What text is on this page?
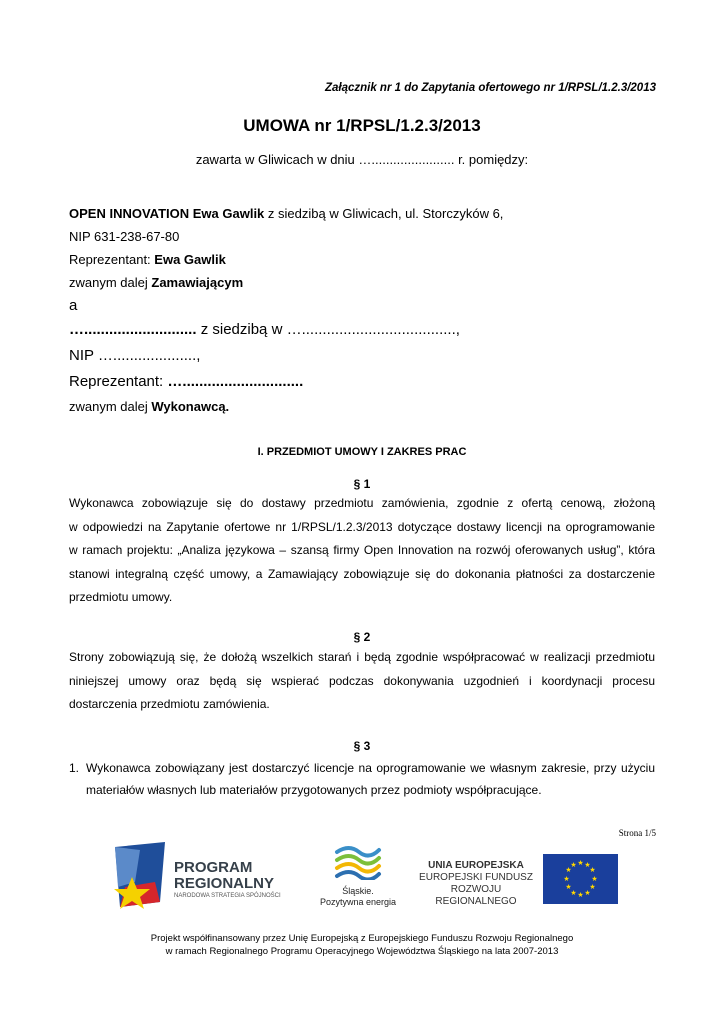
Załącznik nr 1 do Zapytania ofertowego nr 1/RPSL/1.2.3/2013
UMOWA nr 1/RPSL/1.2.3/2013
zawarta w Gliwicach w dniu …....................... r. pomiędzy:
OPEN INNOVATION Ewa Gawlik z siedzibą w Gliwicach, ul. Storczyków 6,
NIP 631-238-67-80
Reprezentant: Ewa Gawlik
zwanym dalej Zamawiającym
a
…........................... z siedzibą w ….....................................,
NIP …....................,
Reprezentant: ….............................
zwanym dalej Wykonawcą.
I. PRZEDMIOT UMOWY I ZAKRES PRAC
§ 1
Wykonawca zobowiązuje się do dostawy przedmiotu zamówienia, zgodnie z ofertą cenową, złożoną
w odpowiedzi na Zapytanie ofertowe nr 1/RPSL/1.2.3/2013 dotyczące dostawy licencji na oprogramowanie
w ramach projektu: „Analiza językowa – szansą firmy Open Innovation na rozwój oferowanych usług”, która
stanowi integralną część umowy, a Zamawiający zobowiązuje się do dokonania płatności za dostarczenie
przedmiotu umowy.
§ 2
Strony zobowiązują się, że dołożą wszelkich starań i będą zgodnie współpracować w realizacji przedmiotu
niniejszej umowy oraz będą się wspierać podczas dokonywania uzgodnień i koordynacji procesu
dostarczenia przedmiotu zamówienia.
§ 3
1. Wykonawca zobowiązany jest dostarczyć licencje na oprogramowanie we własnym zakresie, przy użyciu
materiałów własnych lub materiałów przygotowanych przez podmioty współpracujące.
Strona 1/5
PROGRAM
REGIONALNY
NARODOWA STRATEGIA SPÓJNOŚCI	Śląskie.
Pozytywna energia
UNIA EUROPEJSKA
EUROPEJSKI FUNDUSZ
ROZWOJU REGIONALNEGO
★ ★
★
★
★
★
★
★
★
★
★
★
Projekt współfinansowany przez Unię Europejską z Europejskiego Funduszu Rozwoju Regionalnego
w ramach Regionalnego Programu Operacyjnego Województwa Śląskiego na lata 2007-2013
